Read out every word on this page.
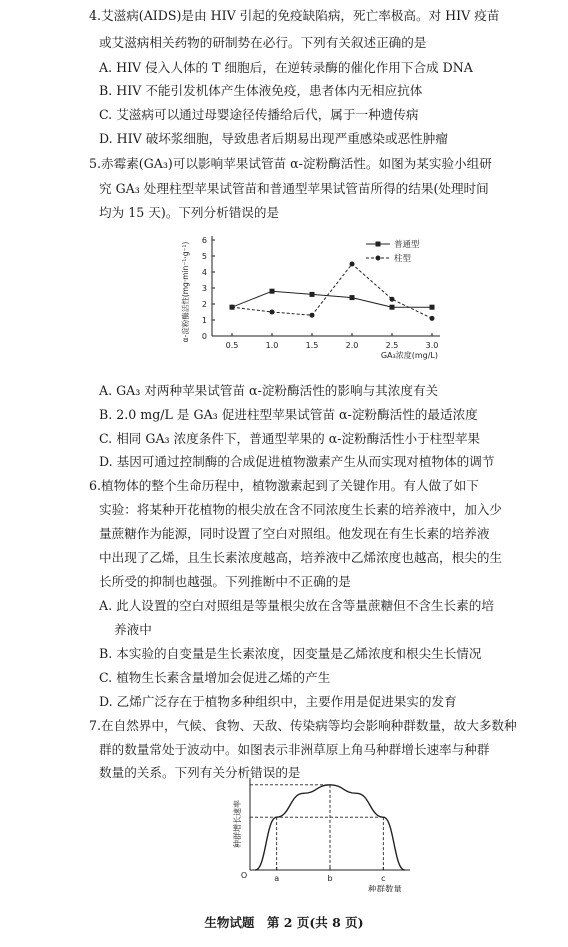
4.艾滋病(AIDS)是由 HIV 引起的免疫缺陷病，死亡率极高。对 HIV 疫苗
或艾滋病相关药物的研制势在必行。下列有关叙述正确的是
A. HIV 侵入人体的 T 细胞后，在逆转录酶的催化作用下合成 DNA
B. HIV 不能引发机体产生体液免疫，患者体内无相应抗体
C. 艾滋病可以通过母婴途径传播给后代，属于一种遗传病
D. HIV 破坏浆细胞，导致患者后期易出现严重感染或恶性肿瘤
5.赤霉素(GA₃)可以影响苹果试管苗 α-淀粉酶活性。如图为某实验小组研
究 GA₃ 处理柱型苹果试管苗和普通型苹果试管苗所得的结果(处理时间
均为 15 天)。下列分析错误的是
1
2
3
4
5
6
0
0.5	1.0	1.5	2.0	2.5	3.0
GA₃浓度(mg/L)
α-淀粉酶活性(mg·min⁻¹·g⁻¹)	普通型
柱型
A. GA₃ 对两种苹果试管苗 α-淀粉酶活性的影响与其浓度有关
B. 2.0 mg/L 是 GA₃ 促进柱型苹果试管苗 α-淀粉酶活性的最适浓度
C. 相同 GA₃ 浓度条件下，普通型苹果的 α-淀粉酶活性小于柱型苹果
D. 基因可通过控制酶的合成促进植物激素产生从而实现对植物体的调节
6.植物体的整个生命历程中，植物激素起到了关键作用。有人做了如下
实验：将某种开花植物的根尖放在含不同浓度生长素的培养液中，加入少
量蔗糖作为能源，同时设置了空白对照组。他发现在有生长素的培养液
中出现了乙烯，且生长素浓度越高，培养液中乙烯浓度也越高，根尖的生
长所受的抑制也越强。下列推断中不正确的是
A. 此人设置的空白对照组是等量根尖放在含等量蔗糖但不含生长素的培
养液中
B. 本实验的自变量是生长素浓度，因变量是乙烯浓度和根尖生长情况
C. 植物生长素含量增加会促进乙烯的产生
D. 乙烯广泛存在于植物多种组织中，主要作用是促进果实的发育
7.在自然界中，气候、食物、天敌、传染病等均会影响种群数量，故大多数种
群的数量常处于波动中。如图表示非洲草原上角马种群增长速率与种群
数量的关系。下列有关分析错误的是
a	b	c
O
种群数量
种群增长速率
生物试题　第 2 页(共 8 页)
